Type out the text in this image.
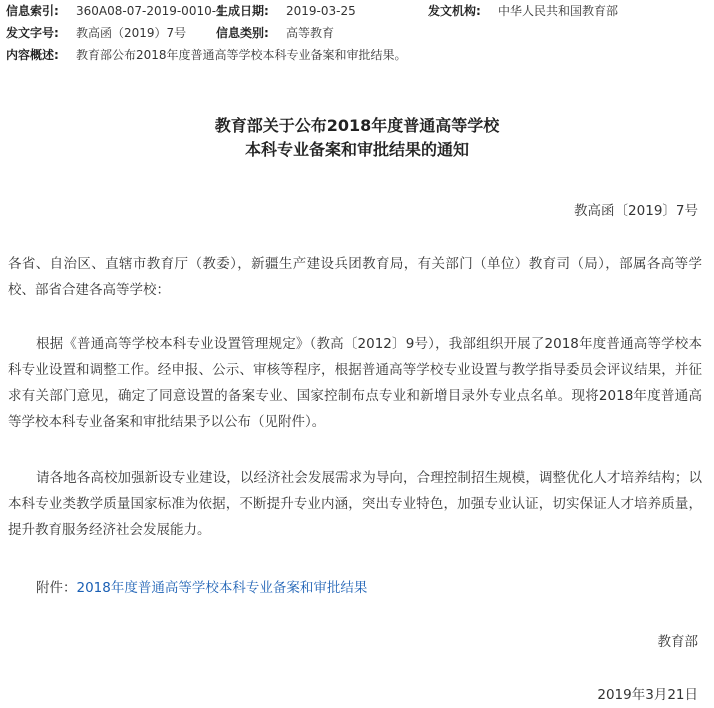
信息索引: 360A08-07-2019-0010-1
生成日期: 2019-03-25	发文机构: 中华人民共和国教育部
发文字号: 教高函（2019）7号 信息类别: 高等教育
内容概述: 教育部公布2018年度普通高等学校本科专业备案和审批结果。
教育部关于公布2018年度普通高等学校
本科专业备案和审批结果的通知
教高函〔2019〕7号

各省、自治区、直辖市教育厅（教委），新疆生产建设兵团教育局，有关部门（单位）教育司（局），部属各高等学校、部省合建各高等学校：

根据《普通高等学校本科专业设置管理规定》（教高〔2012〕9号），我部组织开展了2018年度普通高等学校本科专业设置和调整工作。经申报、公示、审核等程序，根据普通高等学校专业设置与教学指导委员会评议结果，并征求有关部门意见，确定了同意设置的备案专业、国家控制布点专业和新增目录外专业点名单。现将2018年度普通高等学校本科专业备案和审批结果予以公布（见附件）。

请各地各高校加强新设专业建设，以经济社会发展需求为导向，合理控制招生规模，调整优化人才培养结构；以本科专业类教学质量国家标准为依据，不断提升专业内涵，突出专业特色，加强专业认证，切实保证人才培养质量，提升教育服务经济社会发展能力。

附件：2018年度普通高等学校本科专业备案和审批结果

教育部
2019年3月21日
